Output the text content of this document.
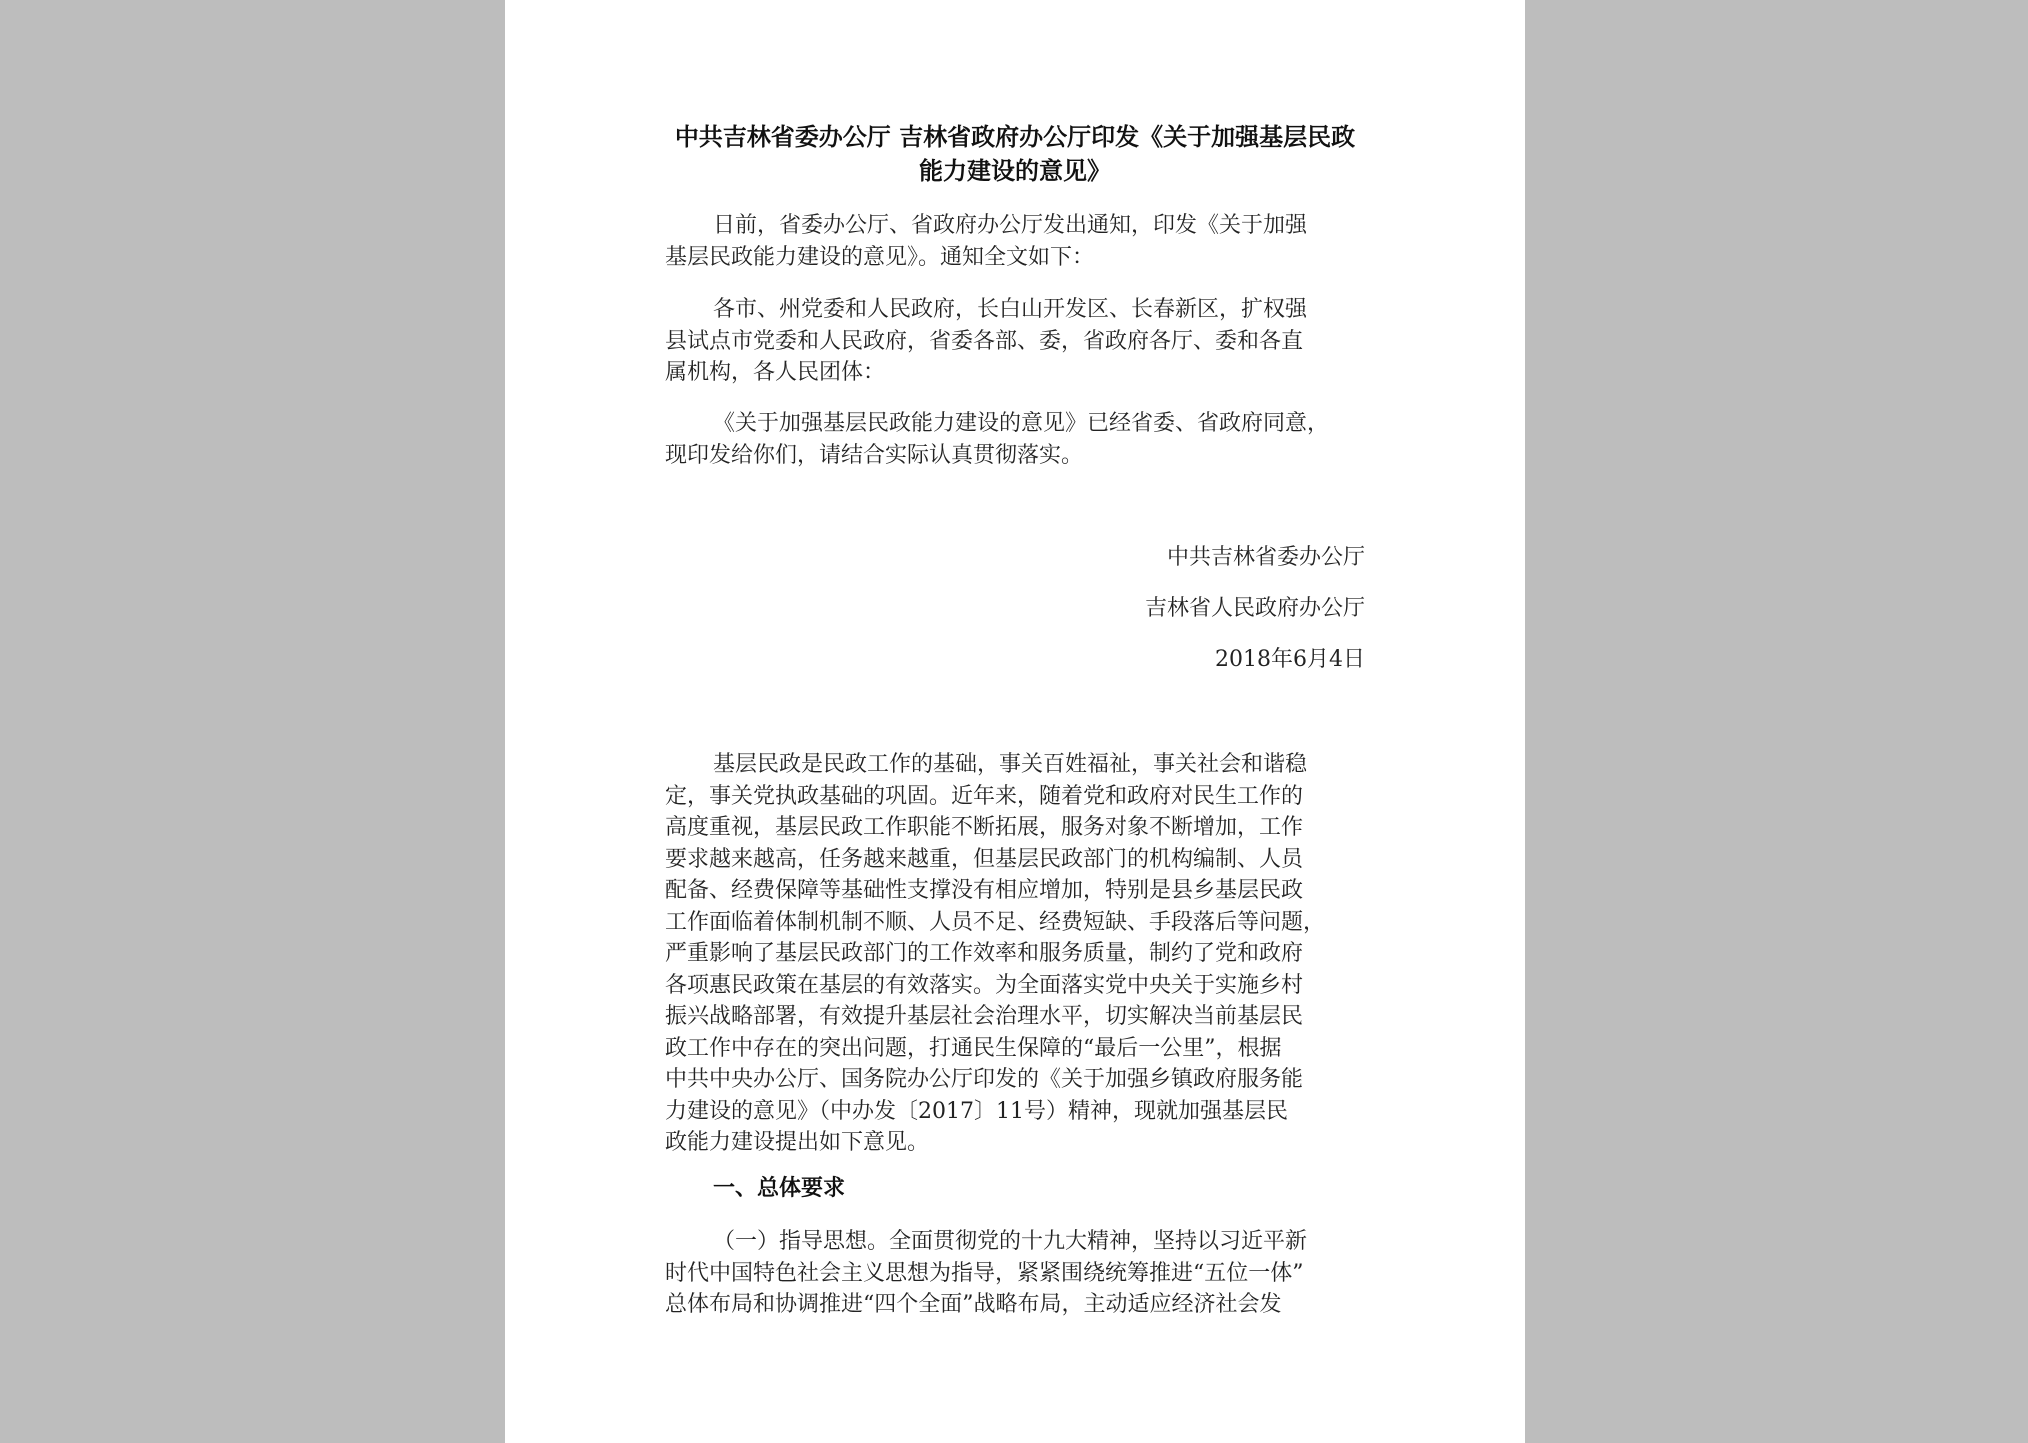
中共吉林省委办公厅 吉林省政府办公厅印发《关于加强基层民政
能力建设的意见》
日前，省委办公厅、省政府办公厅发出通知，印发《关于加强
基层民政能力建设的意见》。通知全文如下：
各市、州党委和人民政府，长白山开发区、长春新区，扩权强
县试点市党委和人民政府，省委各部、委，省政府各厅、委和各直
属机构，各人民团体：
《关于加强基层民政能力建设的意见》已经省委、省政府同意，
现印发给你们，请结合实际认真贯彻落实。
中共吉林省委办公厅
吉林省人民政府办公厅
2018年6月4日
基层民政是民政工作的基础，事关百姓福祉，事关社会和谐稳
定，事关党执政基础的巩固。近年来，随着党和政府对民生工作的
高度重视，基层民政工作职能不断拓展，服务对象不断增加，工作
要求越来越高，任务越来越重，但基层民政部门的机构编制、人员
配备、经费保障等基础性支撑没有相应增加，特别是县乡基层民政
工作面临着体制机制不顺、人员不足、经费短缺、手段落后等问题，
严重影响了基层民政部门的工作效率和服务质量，制约了党和政府
各项惠民政策在基层的有效落实。为全面落实党中央关于实施乡村
振兴战略部署，有效提升基层社会治理水平，切实解决当前基层民
政工作中存在的突出问题，打通民生保障的“最后一公里”，根据
中共中央办公厅、国务院办公厅印发的《关于加强乡镇政府服务能
力建设的意见》（中办发〔2017〕11号）精神，现就加强基层民
政能力建设提出如下意见。
一、总体要求
（一）指导思想。全面贯彻党的十九大精神，坚持以习近平新
时代中国特色社会主义思想为指导，紧紧围绕统筹推进“五位一体”
总体布局和协调推进“四个全面”战略布局，主动适应经济社会发
